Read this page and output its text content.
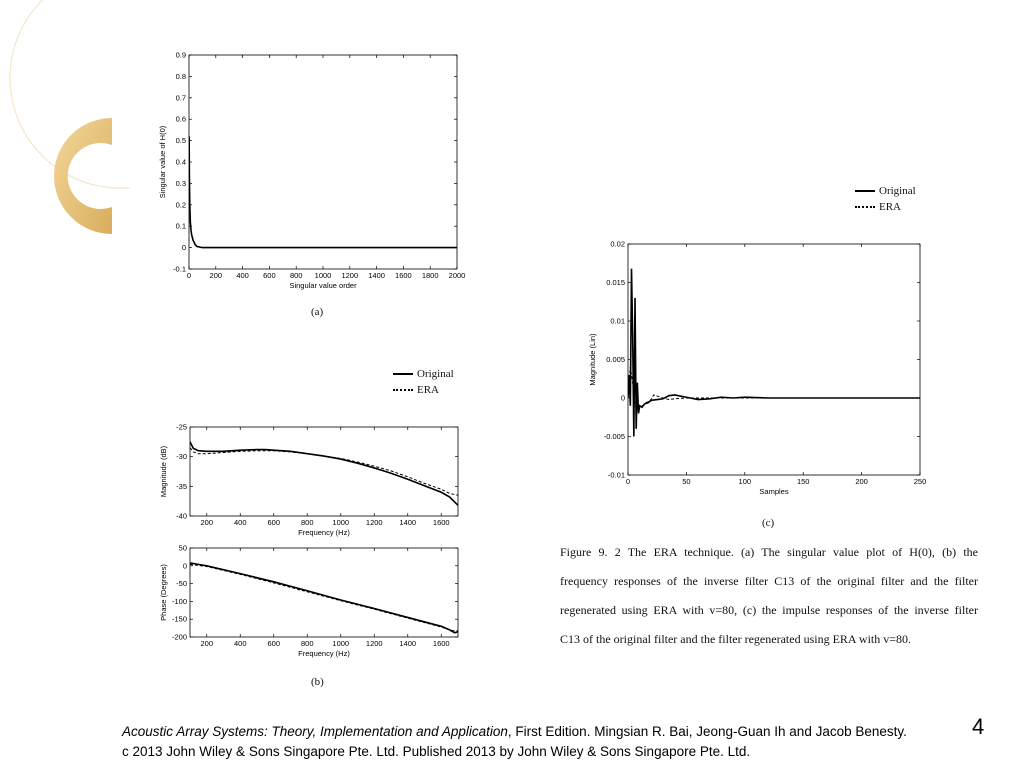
0 200 400 600 800 1000 1200 1400 1600 1800 2000
-0.1
0
0.1
0.2
0.3
0.4
0.5
0.6
0.7
0.8
0.9
Singular value order
Singular value of H(0)
(a)
Original
ERA
200	400	600	800	1000 1200 1400 1600
-40
-35
-30
-25
Frequency (Hz)
Magnitude (dB)
200	400	600	800	1000 1200 1400 1600
-200
-150
-100
-50
0
50
Frequency (Hz)
Phase (Degrees)
(b)
Original
ERA
0	50	100	150	200	250
-0.01
-0.005
0
0.005
0.01
0.015
0.02
Samples
Magnitude (Lin)
(c)
Figure 9. 2 The ERA technique. (a) The singular value plot of H(0), (b) the
frequency responses of the inverse filter C13 of the original filter and the filter
regenerated using ERA with v=80, (c) the impulse responses of the inverse filter
C13 of the original filter and the filter regenerated using ERA with v=80.
Acoustic Array Systems: Theory, Implementation and Application, First Edition. Mingsian R. Bai, Jeong-Guan Ih and Jacob Benesty.
c 2013 John Wiley & Sons Singapore Pte. Ltd. Published 2013 by John Wiley & Sons Singapore Pte. Ltd.
4
